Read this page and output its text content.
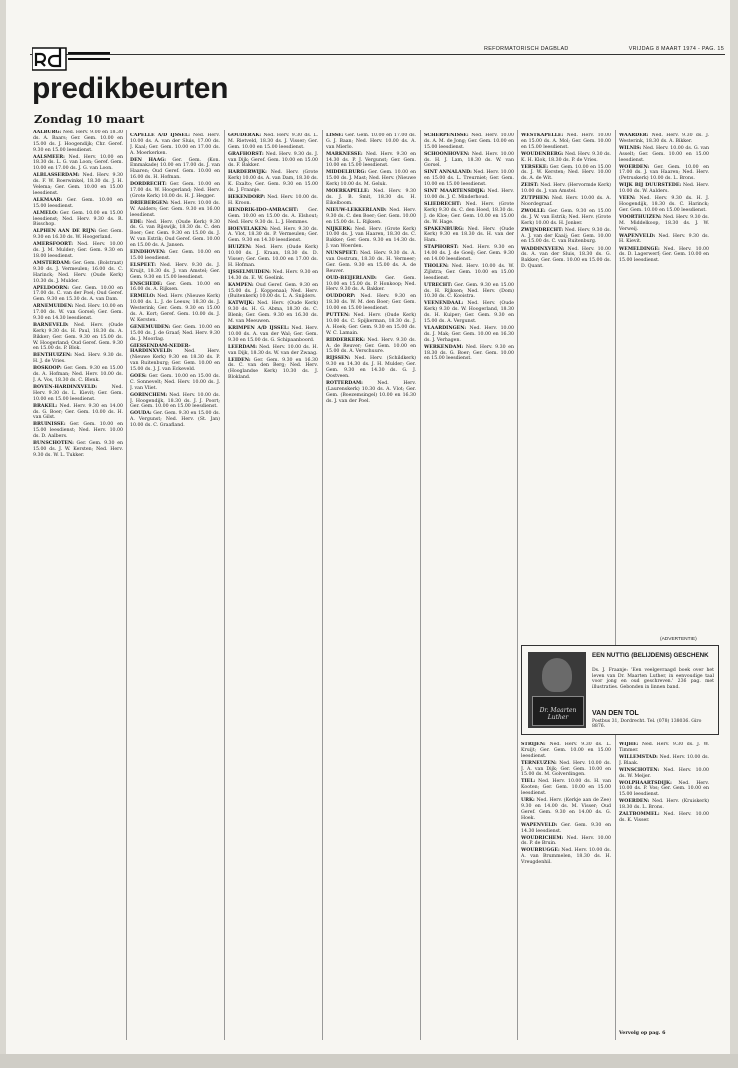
REFORMATORISCH DAGBLAD	VRIJDAG 8 MAART 1974 - PAG. 15
predikbeurten
Zondag 10 maart
AALBURG: Ned. Herv. 9.00 en 18.30 ds. A. Baars; Ger. Gem. 10.00 en 15.00 ds. J. Hoogendijk; Chr. Geref. 9.30 en 15.00 leesdienst.
AALSMEER: Ned. Herv. 10.00 en 18.30 ds. L. G. van Loon; Geref. Gem. 10.00 en 17.00 ds. J. G. van Loon.
ALBLASSERDAM: Ned. Herv. 9.30 ds. F. W. Boerwinkel, 18.30 ds. J. H. Velema; Ger. Gem. 10.00 en 15.00 leesdienst.
ALKMAAR: Ger. Gem. 10.00 en 15.00 leesdienst.
ALMELO: Ger. Gem. 10.00 en 15.00 leesdienst; Ned. Herv. 9.30 ds. R. Bisschop.
ALPHEN AAN DE RIJN: Ger. Gem. 9.30 en 16.30 ds. W. Hoogerland.
AMERSFOORT: Ned. Herv. 10.00 ds. J. M. Mulder; Ger. Gem. 9.30 en 18.00 leesdienst.
AMSTERDAM: Ger. Gem. (Bolstraat) 9.30 ds. J. Vermeulen; 16.00 ds. C. Harinck; Ned. Herv. (Oude Kerk) 10.30 ds. J. Mulder.
APELDOORN: Ger. Gem. 10.00 en 17.00 ds. C. van der Poel; Oud Geref. Gem. 9.30 en 15.30 ds. A. van Dam.
ARNEMUIDEN: Ned. Herv. 10.00 en 17.00 ds. W. van Gorsel; Ger. Gem. 9.30 en 14.30 leesdienst.
BARNEVELD: Ned. Herv. (Oude Kerk) 9.30 ds. H. Paul, 18.30 ds. A. Bikker; Ger. Gem. 9.30 en 15.00 ds. W. Hoogerland; Oud Geref. Gem. 9.30 en 15.00 ds. P. Blok.
BENTHUIZEN: Ned. Herv. 9.30 ds. H. J. de Vries.
BOSKOOP: Ger. Gem. 9.30 en 15.00 ds. A. Hofman; Ned. Herv. 10.00 ds. J. A. Vos, 18.30 ds. C. Blenk.
BOVEN-HARDINXVELD: Ned. Herv. 9.30 ds. L. Kievit; Ger. Gem. 10.00 en 15.00 leesdienst.
BRAKEL: Ned. Herv. 9.30 en 14.00 ds. G. Boer; Ger. Gem. 10.00 ds. H. van Gilst.
BRUINISSE: Ger. Gem. 10.00 en 15.00 leesdienst; Ned. Herv. 10.00 ds. D. Aalbers.
BUNSCHOTEN: Ger. Gem. 9.30 en 15.00 ds. J. W. Kersten; Ned. Herv. 9.30 ds. W. L. Tukker.
CAPELLE A/D IJSSEL: Ned. Herv. 10.00 ds. A. van der Sluis, 17.00 ds. J. Kaal; Ger. Gem. 10.00 en 17.00 ds. A. Moerkerken.
DEN HAAG: Ger. Gem. (Kon. Emmakade) 10.00 en 17.00 ds. J. van Haaren; Oud Geref. Gem. 10.00 en 16.00 ds. H. Hofman.
DORDRECHT: Ger. Gem. 10.00 en 17.00 ds. W. Hoogerland; Ned. Herv. (Grote Kerk) 10.00 ds. H. J. Hegger.
DRIEBERGEN: Ned. Herv. 10.00 ds. W. Aalders; Ger. Gem. 9.30 en 16.00 leesdienst.
EDE: Ned. Herv. (Oude Kerk) 9.30 ds. G. van Rijswijk, 18.30 ds. C. den Boer; Ger. Gem. 9.30 en 15.00 ds. J. W. van Estrik; Oud Geref. Gem. 10.00 en 15.00 ds. A. Jansen.
EINDHOVEN: Ger. Gem. 10.00 en 15.00 leesdienst.
ELSPEET: Ned. Herv. 9.30 ds. J. Kruijt, 18.30 ds. J. van Amstel; Ger. Gem. 9.30 en 15.00 leesdienst.
ENSCHEDE: Ger. Gem. 10.00 en 16.00 ds. A. Rijksen.
ERMELO: Ned. Herv. (Nieuwe Kerk) 10.00 ds. L. J. de Leeuw, 18.30 ds. J. Westerink; Ger. Gem. 9.30 en 15.00 ds. A. Kort; Geref. Gem. 10.00 ds. J. W. Kersten.
GENEMUIDEN: Ger. Gem. 10.00 en 15.00 ds. J. de Graaf; Ned. Herv. 9.30 ds. J. Moorlag.
GIESSENDAM-NEDER-HARDINXVELD: Ned. Herv. (Nieuwe Kerk) 9.30 en 18.30 ds. P. van Ruitenburg; Ger. Gem. 10.00 en 15.00 ds. J. J. van Eckeveld.
GOES: Ger. Gem. 10.00 en 15.00 ds. C. Sonnevelt; Ned. Herv. 10.00 ds. J. J. van Vliet.
GORINCHEM: Ned. Herv. 10.00 ds. J. Hoogendijk, 18.30 ds. J. J. Poort; Ger. Gem. 10.00 en 15.00 leesdienst.
GOUDA: Ger. Gem. 9.30 en 15.00 ds. A. Vergunst; Ned. Herv. (St. Jan) 10.00 ds. C. Graafland.
GOUDERAK: Ned. Herv. 9.30 ds. L. M. Rietveld, 18.30 ds. J. Visser; Ger. Gem. 10.00 en 15.00 leesdienst.
GRAFHORST: Ned. Herv. 9.30 ds. J. van Dijk; Geref. Gem. 10.00 en 15.00 ds. F. Bakker.
HARDERWIJK: Ned. Herv. (Grote Kerk) 10.00 ds. A. van Dam, 18.30 ds. K. Exalto; Ger. Gem. 9.30 en 15.00 ds. J. Fraanje.
HEKENDORP: Ned. Herv. 10.00 ds. H. Kroon.
HENDRIK-IDO-AMBACHT: Ger. Gem. 10.00 en 15.00 ds. A. Elshout; Ned. Herv. 9.30 ds. L. J. Hemmes.
HOEVELAKEN: Ned. Herv. 9.30 ds. A. Vlot, 18.30 ds. P. Vermeulen; Ger. Gem. 9.30 en 14.30 leesdienst.
HUIZEN: Ned. Herv. (Oude Kerk) 10.00 ds. J. Kraan, 18.30 ds. D. Visser; Ger. Gem. 10.00 en 17.00 ds. H. Hofman.
IJSSELMUIDEN: Ned. Herv. 9.30 en 14.30 ds. E. W. Geelink.
KAMPEN: Oud Geref. Gem. 9.30 en 15.00 ds. J. Koppenaal; Ned. Herv. (Buitenkerk) 10.00 ds. L. A. Snijders.
KATWIJK: Ned. Herv. (Oude Kerk) 9.30 ds. H. G. Abma, 18.30 ds. C. Blenk; Ger. Gem. 9.30 en 16.30 ds. M. van Meeuwen.
KRIMPEN A/D IJSSEL: Ned. Herv. 10.00 ds. A. van der Wal; Ger. Gem. 9.30 en 15.00 ds. G. Schipaanboord.
LEERDAM: Ned. Herv. 10.00 ds. H. van Dijk, 18.30 ds. W. van der Zwaag.
LEIDEN: Ger. Gem. 9.30 en 16.30 ds. C. van den Berg; Ned. Herv. (Hooglandse Kerk) 10.30 ds. J. Blokland.
LISSE: Ger. Gem. 10.00 en 17.00 ds. G. J. Baan; Ned. Herv. 10.00 ds. A. van Mierlo.
MARKNESSE: Ned. Herv. 9.30 en 14.30 ds. P. J. Vergunst; Ger. Gem. 10.00 en 15.00 leesdienst.
MIDDELBURG: Ger. Gem. 10.00 en 15.00 ds. J. Mast; Ned. Herv. (Nieuwe Kerk) 10.00 ds. M. Geluk.
MOERKAPELLE: Ned. Herv. 9.30 ds. J. B. Smit, 18.30 ds. H. Eikelboom.
NIEUW-LEKKERLAND: Ned. Herv. 9.30 ds. C. den Boer; Ger. Gem. 10.00 en 15.00 ds. L. Rijksen.
NIJKERK: Ned. Herv. (Grote Kerk) 10.00 ds. J. van Haaren, 18.30 ds. C. Bakker; Ger. Gem. 9.30 en 14.30 ds. J. van Woerden.
NUNSPEET: Ned. Herv. 9.30 ds. A. van Oostrum, 18.30 ds. H. Vermeer; Ger. Gem. 9.30 en 15.00 ds. A. de Reuver.
OUD-BEIJERLAND: Ger. Gem. 10.00 en 15.00 ds. P. Honkoop; Ned. Herv. 9.30 ds. A. Bakker.
OUDDORP: Ned. Herv. 9.30 en 18.30 ds. W. M. den Boer; Ger. Gem. 10.00 en 15.00 leesdienst.
PUTTEN: Ned. Herv. (Oude Kerk) 10.00 ds. C. Spijkerman, 18.30 ds. J. A. Hoek; Ger. Gem. 9.30 en 15.00 ds. W. C. Lamain.
RIDDERKERK: Ned. Herv. 9.30 ds. A. de Reuver; Ger. Gem. 10.00 en 15.00 ds. A. Verschuure.
RIJSSEN: Ned. Herv. (Schildkerk) 9.30 en 14.30 ds. J. H. Mulder; Ger. Gem. 9.30 en 14.30 ds. G. J. Oostveen.
ROTTERDAM: Ned. Herv. (Laurenskerk) 10.30 ds. A. Vlot; Ger. Gem. (Boezemsingel) 10.00 en 16.30 ds. J. van der Poel.
SCHERPENISSE: Ned. Herv. 10.00 ds. A. M. de Jong; Ger. Gem. 10.00 en 15.00 leesdienst.
SCHOONHOVEN: Ned. Herv. 10.00 ds. H. J. Lam, 18.30 ds. W. van Gorsel.
SINT ANNALAND: Ned. Herv. 10.00 en 15.00 ds. L. Treurniet; Ger. Gem. 10.00 en 15.00 leesdienst.
SINT MAARTENSDIJK: Ned. Herv. 10.00 ds. J. C. Minderhoud.
SLIEDRECHT: Ned. Herv. (Grote Kerk) 9.30 ds. C. den Hoed, 18.30 ds. J. de Kloe; Ger. Gem. 10.00 en 15.00 ds. W. Hage.
SPAKENBURG: Ned. Herv. (Oude Kerk) 9.30 en 18.30 ds. H. van der Ham.
STAPHORST: Ned. Herv. 9.30 en 14.00 ds. J. de Goeij; Ger. Gem. 9.30 en 14.00 leesdienst.
THOLEN: Ned. Herv. 10.00 ds. W. Zijlstra; Ger. Gem. 10.00 en 15.00 leesdienst.
UTRECHT: Ger. Gem. 9.30 en 15.00 ds. H. Rijksen; Ned. Herv. (Dom) 10.30 ds. C. Kooistra.
VEENENDAAL: Ned. Herv. (Oude Kerk) 9.30 ds. W. Hoogerland, 18.30 ds. H. Kuiper; Ger. Gem. 9.30 en 15.00 ds. A. Vergunst.
VLAARDINGEN: Ned. Herv. 10.00 ds. J. Mak; Ger. Gem. 10.00 en 16.30 ds. J. Verhagen.
WERKENDAM: Ned. Herv. 9.30 en 18.30 ds. G. Boer; Ger. Gem. 10.00 en 15.00 leesdienst.
WESTKAPELLE: Ned. Herv. 10.00 en 15.00 ds. A. Mol; Ger. Gem. 10.00 en 15.00 leesdienst.
WOUDENBERG: Ned. Herv. 9.30 ds. K. H. Klok, 18.30 ds. P. de Vries.
YERSEKE: Ger. Gem. 10.00 en 15.00 ds. J. W. Kersten; Ned. Herv. 10.00 ds. A. de Wit.
ZEIST: Ned. Herv. (Hervormde Kerk) 10.00 ds. J. van Amstel.
ZUTPHEN: Ned. Herv. 10.00 ds. A. Noordegraaf.
ZWOLLE: Ger. Gem. 9.30 en 15.00 ds. J. W. van Estrik; Ned. Herv. (Grote Kerk) 10.00 ds. H. Jonker.
ZWIJNDRECHT: Ned. Herv. 9.30 ds. A. J. van der Kaaij; Ger. Gem. 10.00 en 15.00 ds. C. van Ruitenburg.
WADDINXVEEN: Ned. Herv. 10.00 ds. A. van der Sluis, 18.30 ds. G. Bakker; Ger. Gem. 10.00 en 15.00 ds. D. Quant.
WAARDER: Ned. Herv. 9.30 ds. J. Westerink, 18.30 ds. A. Bikker.
WILNIS: Ned. Herv. 10.00 ds. G. van Asselt; Ger. Gem. 10.00 en 15.00 leesdienst.
WOERDEN: Ger. Gem. 10.00 en 17.00 ds. J. van Haaren; Ned. Herv. (Petruskerk) 10.00 ds. L. Brons.
WIJK BIJ DUURSTEDE: Ned. Herv. 10.00 ds. W. Aalders.
VEEN: Ned. Herv. 9.30 ds. H. J. Hoogendijk, 18.30 ds. C. Harinck; Ger. Gem. 10.00 en 15.00 leesdienst.
VOORTHUIZEN: Ned. Herv. 9.30 ds. M. Middelkoop, 18.30 ds. J. W. Verweij.
WAPENVELD: Ned. Herv. 9.30 ds. H. Kievit.
WEMELDINGE: Ned. Herv. 10.00 ds. D. Lagerwerf; Ger. Gem. 10.00 en 15.00 leesdienst.
(ADVERTENTIE)
Dr. Maarten Luther
EEN NUTTIG (BELIJDENIS) GESCHENK
Ds. J. Fraanje: 'Een veelgevraagd boek over het leven van Dr. Maarten Luther, in eenvoudige taal voor jong en oud geschreven.' 236 pag. met illustraties. Gebonden in linnen band.
VAN DEN TOL
Postbus 31, Dordrecht. Tel. (078) 138036. Giro 8876.
STRIJEN: Ned. Herv. 9.30 ds. L. Kruijt; Ger. Gem. 10.00 en 15.00 leesdienst.
TERNEUZEN: Ned. Herv. 10.00 ds. J. A. van Dijk; Ger. Gem. 10.00 en 15.00 ds. M. Golverdingen.
TIEL: Ned. Herv. 10.00 ds. H. van Kooten; Ger. Gem. 10.00 en 15.00 leesdienst.
URK: Ned. Herv. (Kerkje aan de Zee) 9.30 en 14.00 ds. M. Visser; Oud Geref. Gem. 9.30 en 14.00 ds. G. Hoek.
WAPENVELD: Ger. Gem. 9.30 en 14.30 leesdienst.
WOUDRICHEM: Ned. Herv. 10.00 ds. P. de Bruin.
WOUBRUGGE: Ned. Herv. 10.00 ds. A. van Brummelen, 18.30 ds. H. Vreugdenhil.
WIJHE: Ned. Herv. 9.30 ds. J. W. Timmer.
WILLEMSTAD: Ned. Herv. 10.00 ds. J. Blaak.
WINSCHOTEN: Ned. Herv. 10.00 ds. W. Meijer.
WOLPHAARTSDIJK: Ned. Herv. 10.00 ds. P. Vos; Ger. Gem. 10.00 en 15.00 leesdienst.
WOERDEN: Ned. Herv. (Kruiskerk) 18.30 ds. L. Brons.
ZALTBOMMEL: Ned. Herv. 10.00 ds. K. Visser.
Vervolg op pag. 6
